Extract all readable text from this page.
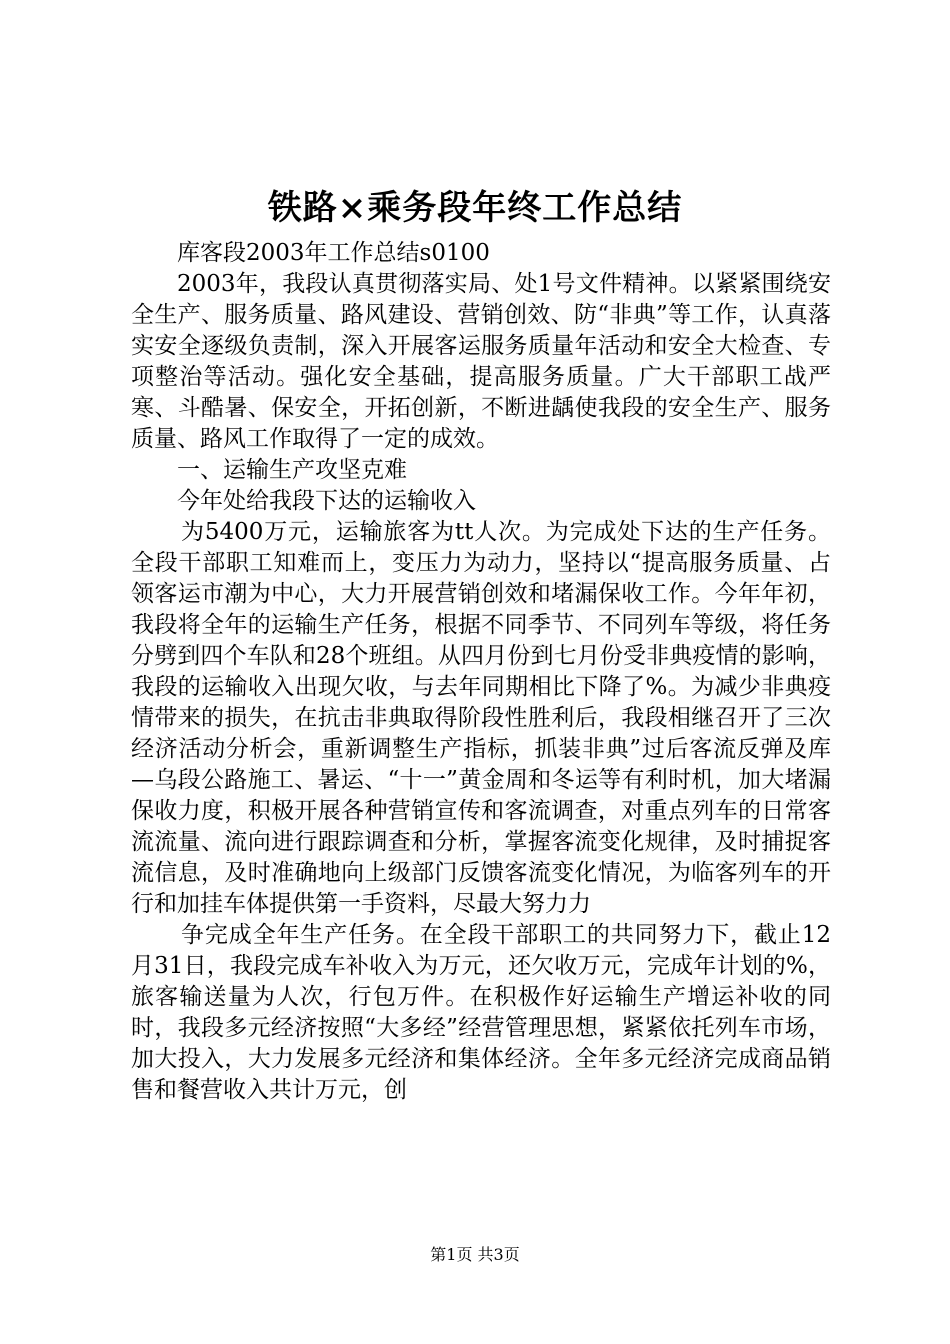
铁路×乘务段年终工作总结

库客段2003年工作总结s0100

2003年，我段认真贯彻落实局、处1号文件精神。以紧紧围绕安全生产、服务质量、路风建设、营销创效、防“非典”等工作，认真落实安全逐级负责制，深入开展客运服务质量年活动和安全大检查、专项整治等活动。强化安全基础，提高服务质量。广大干部职工战严寒、斗酷暑、保安全，开拓创新，不断进龋使我段的安全生产、服务质量、路风工作取得了一定的成效。

一、运输生产攻坚克难

今年处给我段下达的运输收入

为5400万元，运输旅客为tt人次。为完成处下达的生产任务。全段干部职工知难而上，变压力为动力，坚持以“提高服务质量、占领客运市潮为中心，大力开展营销创效和堵漏保收工作。今年年初，我段将全年的运输生产任务，根据不同季节、不同列车等级，将任务分劈到四个车队和28个班组。从四月份到七月份受非典疫情的影响，我段的运输收入出现欠收，与去年同期相比下降了%。为减少非典疫情带来的损失，在抗击非典取得阶段性胜利后，我段相继召开了三次经济活动分析会，重新调整生产指标，抓装非典”过后客流反弹及库—乌段公路施工、暑运、“十一”黄金周和冬运等有利时机，加大堵漏保收力度，积极开展各种营销宣传和客流调查，对重点列车的日常客流流量、流向进行跟踪调查和分析，掌握客流变化规律，及时捕捉客流信息，及时准确地向上级部门反馈客流变化情况，为临客列车的开行和加挂车体提供第一手资料，尽最大努力力

争完成全年生产任务。在全段干部职工的共同努力下，截止12月31日，我段完成车补收入为万元，还欠收万元，完成年计划的%，旅客输送量为人次，行包万件。在积极作好运输生产增运补收的同时，我段多元经济按照“大多经”经营管理思想，紧紧依托列车市场，加大投入，大力发展多元经济和集体经济。全年多元经济完成商品销售和餐营收入共计万元，创

第1页 共3页
